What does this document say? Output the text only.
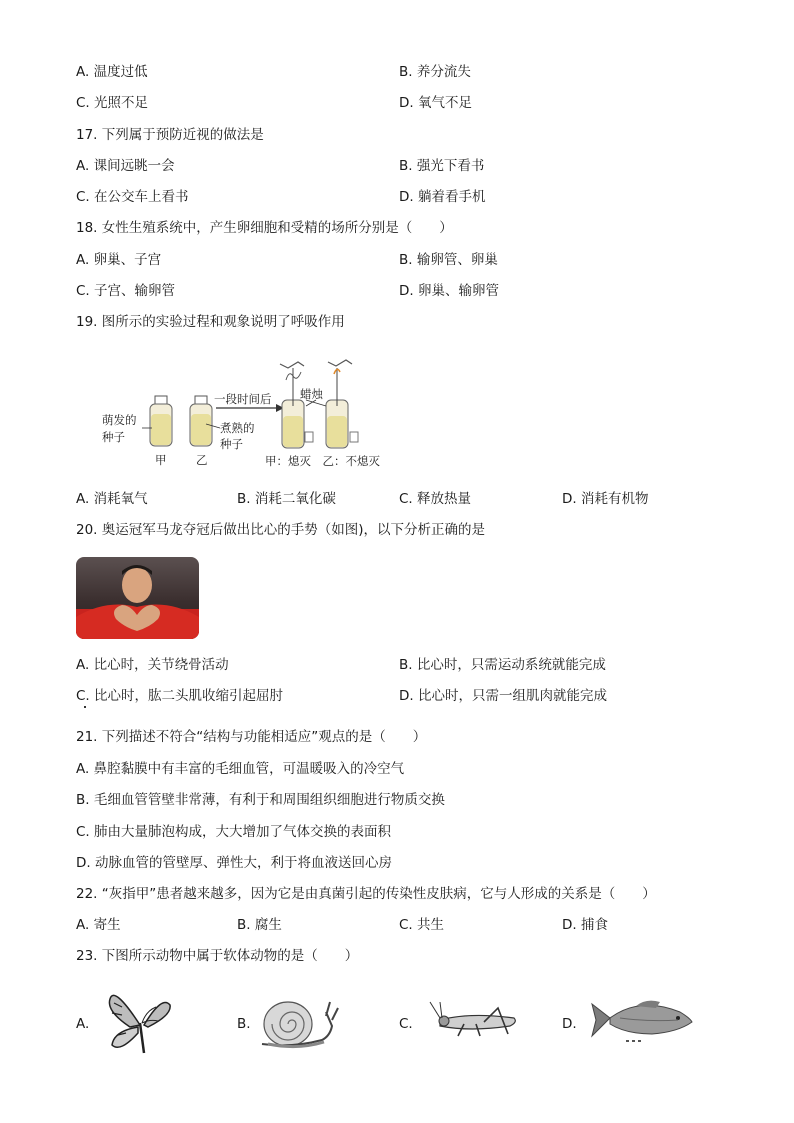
A. 温度过低	B. 养分流失
C. 光照不足	D. 氧气不足
17. 下列属于预防近视的做法是
A. 课间远眺一会	B. 强光下看书
C. 在公交车上看书	D. 躺着看手机
18. 女性生殖系统中，产生卵细胞和受精的场所分别是（　　）
A. 卵巢、子宫	B. 输卵管、卵巢
C. 子宫、输卵管	D. 卵巢、输卵管
19. 图所示的实验过程和观象说明了呼吸作用
萌发的
种子
甲	乙
一段时间后 蜡烛
煮熟的
种子
甲：熄灭　乙：不熄灭
A. 消耗氧气	B. 消耗二氧化碳	C. 释放热量	D. 消耗有机物
20. 奥运冠军马龙夺冠后做出比心的手势（如图)，以下分析正确的是
A. 比心时，关节绕骨活动	B. 比心时，只需运动系统就能完成
C. 比心时，肱二头肌收缩引起屈肘	D. 比心时，只需一组肌肉就能完成
21. 下列描述不符合“结构与功能相适应”观点的是（　　）
A. 鼻腔黏膜中有丰富的毛细血管，可温暖吸入的冷空气
B. 毛细血管管壁非常薄，有利于和周围组织细胞进行物质交换
C. 肺由大量肺泡构成，大大增加了气体交换的表面积
D. 动脉血管的管壁厚、弹性大，利于将血液送回心房
22. “灰指甲”患者越来越多，因为它是由真菌引起的传染性皮肤病，它与人形成的关系是（　　）
A. 寄生	B. 腐生	C. 共生	D. 捕食
23. 下图所示动物中属于软体动物的是（　　）
A.	B.	C.	D.
